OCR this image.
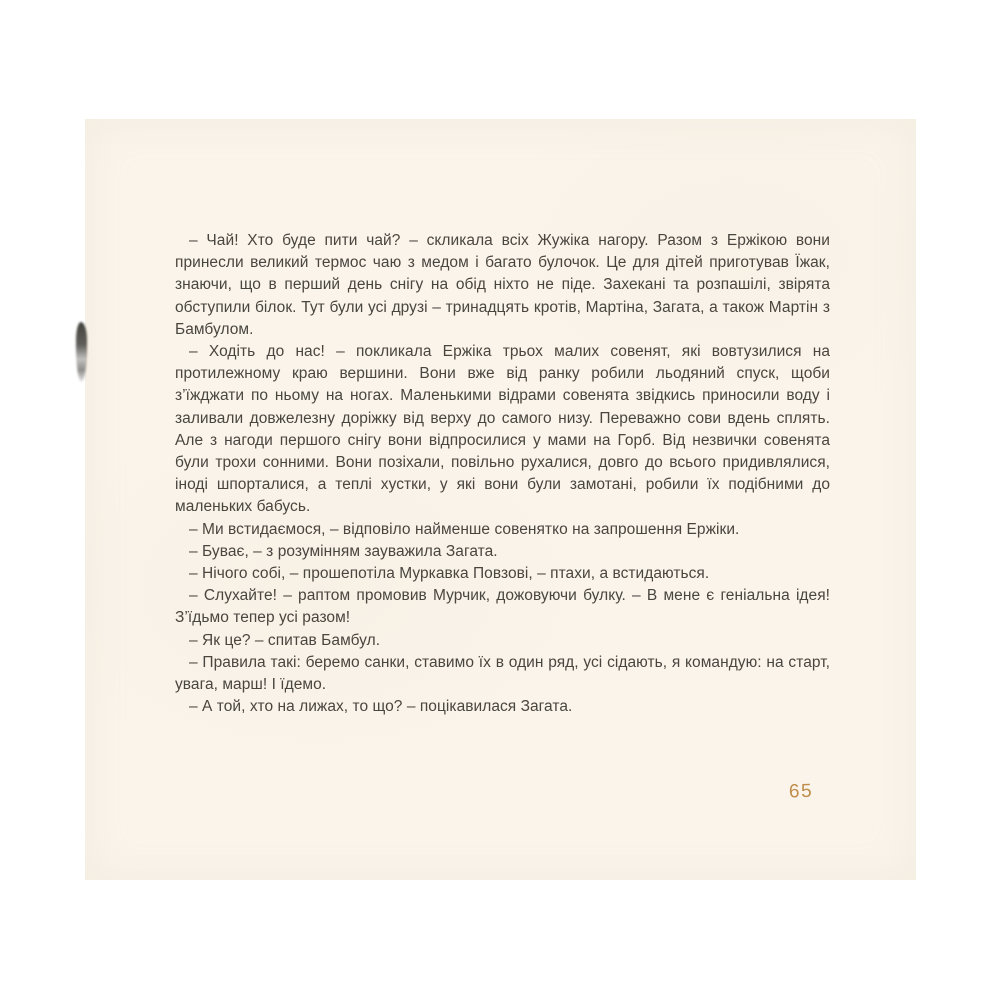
– Чай! Хто буде пити чай? – скликала всіх Жужіка нагору. Разом з Ержікою вони принесли великий термос чаю з медом і багато булочок. Це для дітей приготував Їжак, знаючи, що в перший день снігу на обід ніхто не піде. Захекані та розпашілі, звірята обступили білок. Тут були усі друзі – тринадцять кротів, Мартіна, Загата, а також Мартін з Бамбулом.

– Ходіть до нас! – покликала Ержіка трьох малих совенят, які вовтузилися на протилежному краю вершини. Вони вже від ранку робили льодяний спуск, щоби з’їжджати по ньому на ногах. Маленькими відрами совенята звідкись приносили воду і заливали довжелезну доріжку від верху до самого низу. Переважно сови вдень сплять. Але з нагоди першого снігу вони відпросилися у мами на Горб. Від незвички совенята були трохи сонними. Вони позіхали, повільно рухалися, довго до всього придивлялися, іноді шпорталися, а теплі хустки, у які вони були замотані, робили їх подібними до маленьких бабусь.

– Ми встидаємося, – відповіло найменше совенятко на запрошення Ержіки.

– Буває, – з розумінням зауважила Загата.

– Нічого собі, – прошепотіла Муркавка Повзові, – птахи, а встидаються.

– Слухайте! – раптом промовив Мурчик, дожовуючи булку. – В мене є геніальна ідея! З’їдьмо тепер усі разом!

– Як це? – спитав Бамбул.

– Правила такі: беремо санки, ставимо їх в один ряд, усі сідають, я командую: на старт, увага, марш! І їдемо.

– А той, хто на лижах, то що? – поцікавилася Загата.

65
